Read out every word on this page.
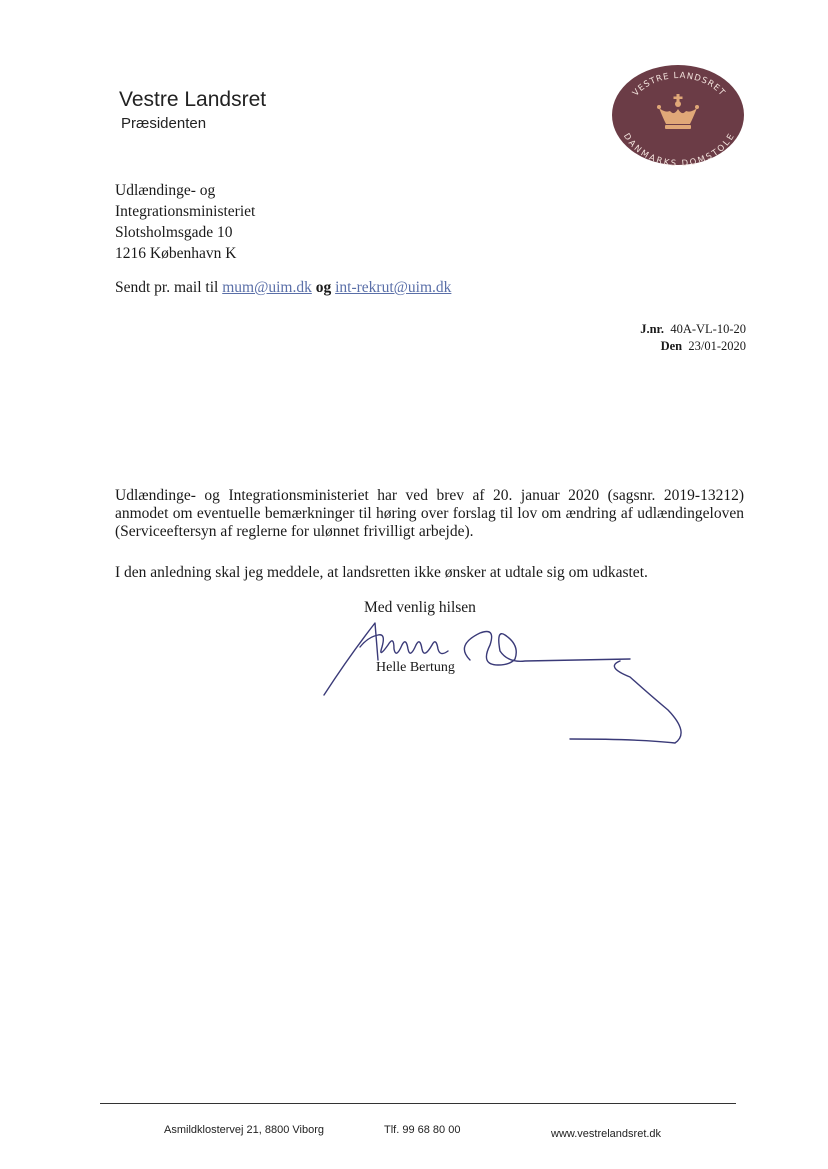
Vestre Landsret
Præsidenten
VESTRE LANDSRET
DANMARKS DOMSTOLE
Udlændinge- og
Integrationsministeriet
Slotsholmsgade 10
1216 København K
Sendt pr. mail til mum@uim.dk og int-rekrut@uim.dk
J.nr. 40A-VL-10-20
Den 23/01-2020
Udlændinge- og Integrationsministeriet har ved brev af 20. januar 2020 (sagsnr. 2019-13212) anmodet om eventuelle bemærkninger til høring over forslag til lov om ændring af udlændingeloven (Serviceeftersyn af reglerne for ulønnet frivilligt arbejde).
I den anledning skal jeg meddele, at landsretten ikke ønsker at udtale sig om udkastet.
Med venlig hilsen
Helle Bertung
Asmildklostervej 21, 8800 Viborg	Tlf. 99 68 80 00	www.vestrelandsret.dk
